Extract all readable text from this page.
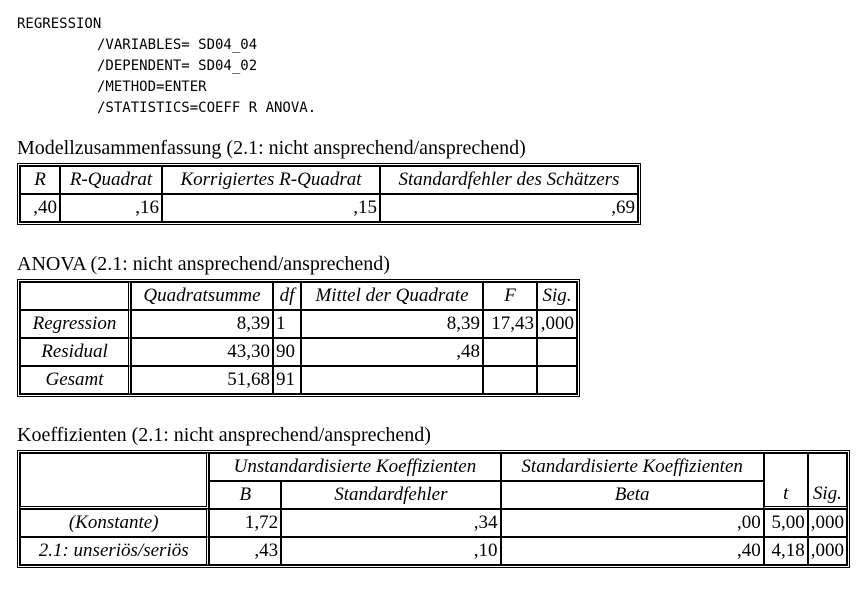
REGRESSION
/VARIABLES= SD04_04
/DEPENDENT= SD04_02
/METHOD=ENTER
/STATISTICS=COEFF R ANOVA.
Modellzusammenfassung (2.1: nicht ansprechend/ansprechend)
R	R-Quadrat	Korrigiertes R-Quadrat	Standardfehler des Schätzers
,40	,16	,15	,69
ANOVA (2.1: nicht ansprechend/ansprechend)
	Quadratsumme	df	Mittel der Quadrate	F	Sig.
Regression	8,39	1	8,39	17,43	,000
Residual	43,30	90	,48		
Gesamt	51,68	91			
Koeffizienten (2.1: nicht ansprechend/ansprechend)
	Unstandardisierte Koeffizienten		Standardisierte Koeffizienten	t	Sig.
	B	Standardfehler	Beta		
(Konstante)	1,72	,34	,00	5,00	,000
2.1: unseriös/seriös	,43	,10	,40	4,18	,000
